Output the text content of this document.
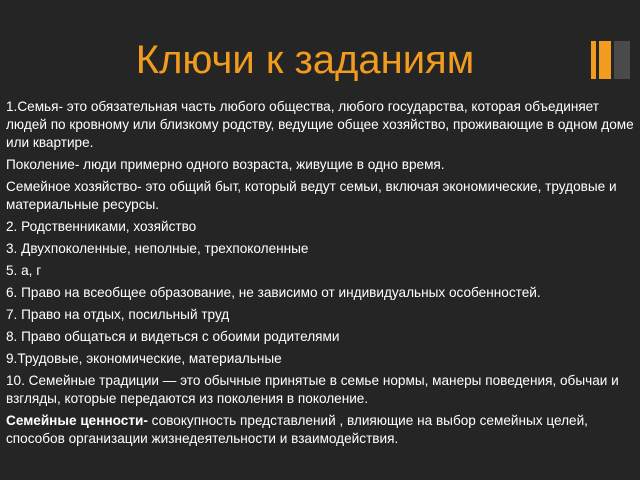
Ключи к заданиям

1.Семья- это обязательная часть любого общества, любого государства, которая объединяет людей по кровному или близкому родству, ведущие общее хозяйство, проживающие в одном доме или квартире.

Поколение- люди примерно одного возраста, живущие в одно время.

Семейное хозяйство- это общий быт, который ведут семьи, включая экономические, трудовые и материальные ресурсы.

2. Родственниками, хозяйство

3. Двухпоколенные, неполные, трехпоколенные

5. а, г

6. Право на всеобщее образование, не зависимо от индивидуальных особенностей.

7. Право на отдых, посильный труд

8. Право общаться и видеться с обоими родителями

9.Трудовые, экономические, материальные

10. Семейные традиции — это обычные принятые в семье нормы, манеры поведения, обычаи и взгляды, которые передаются из поколения в поколение.

Семейные ценности- совокупность представлений , влияющие на выбор семейных целей, способов организации жизнедеятельности и взаимодействия.
